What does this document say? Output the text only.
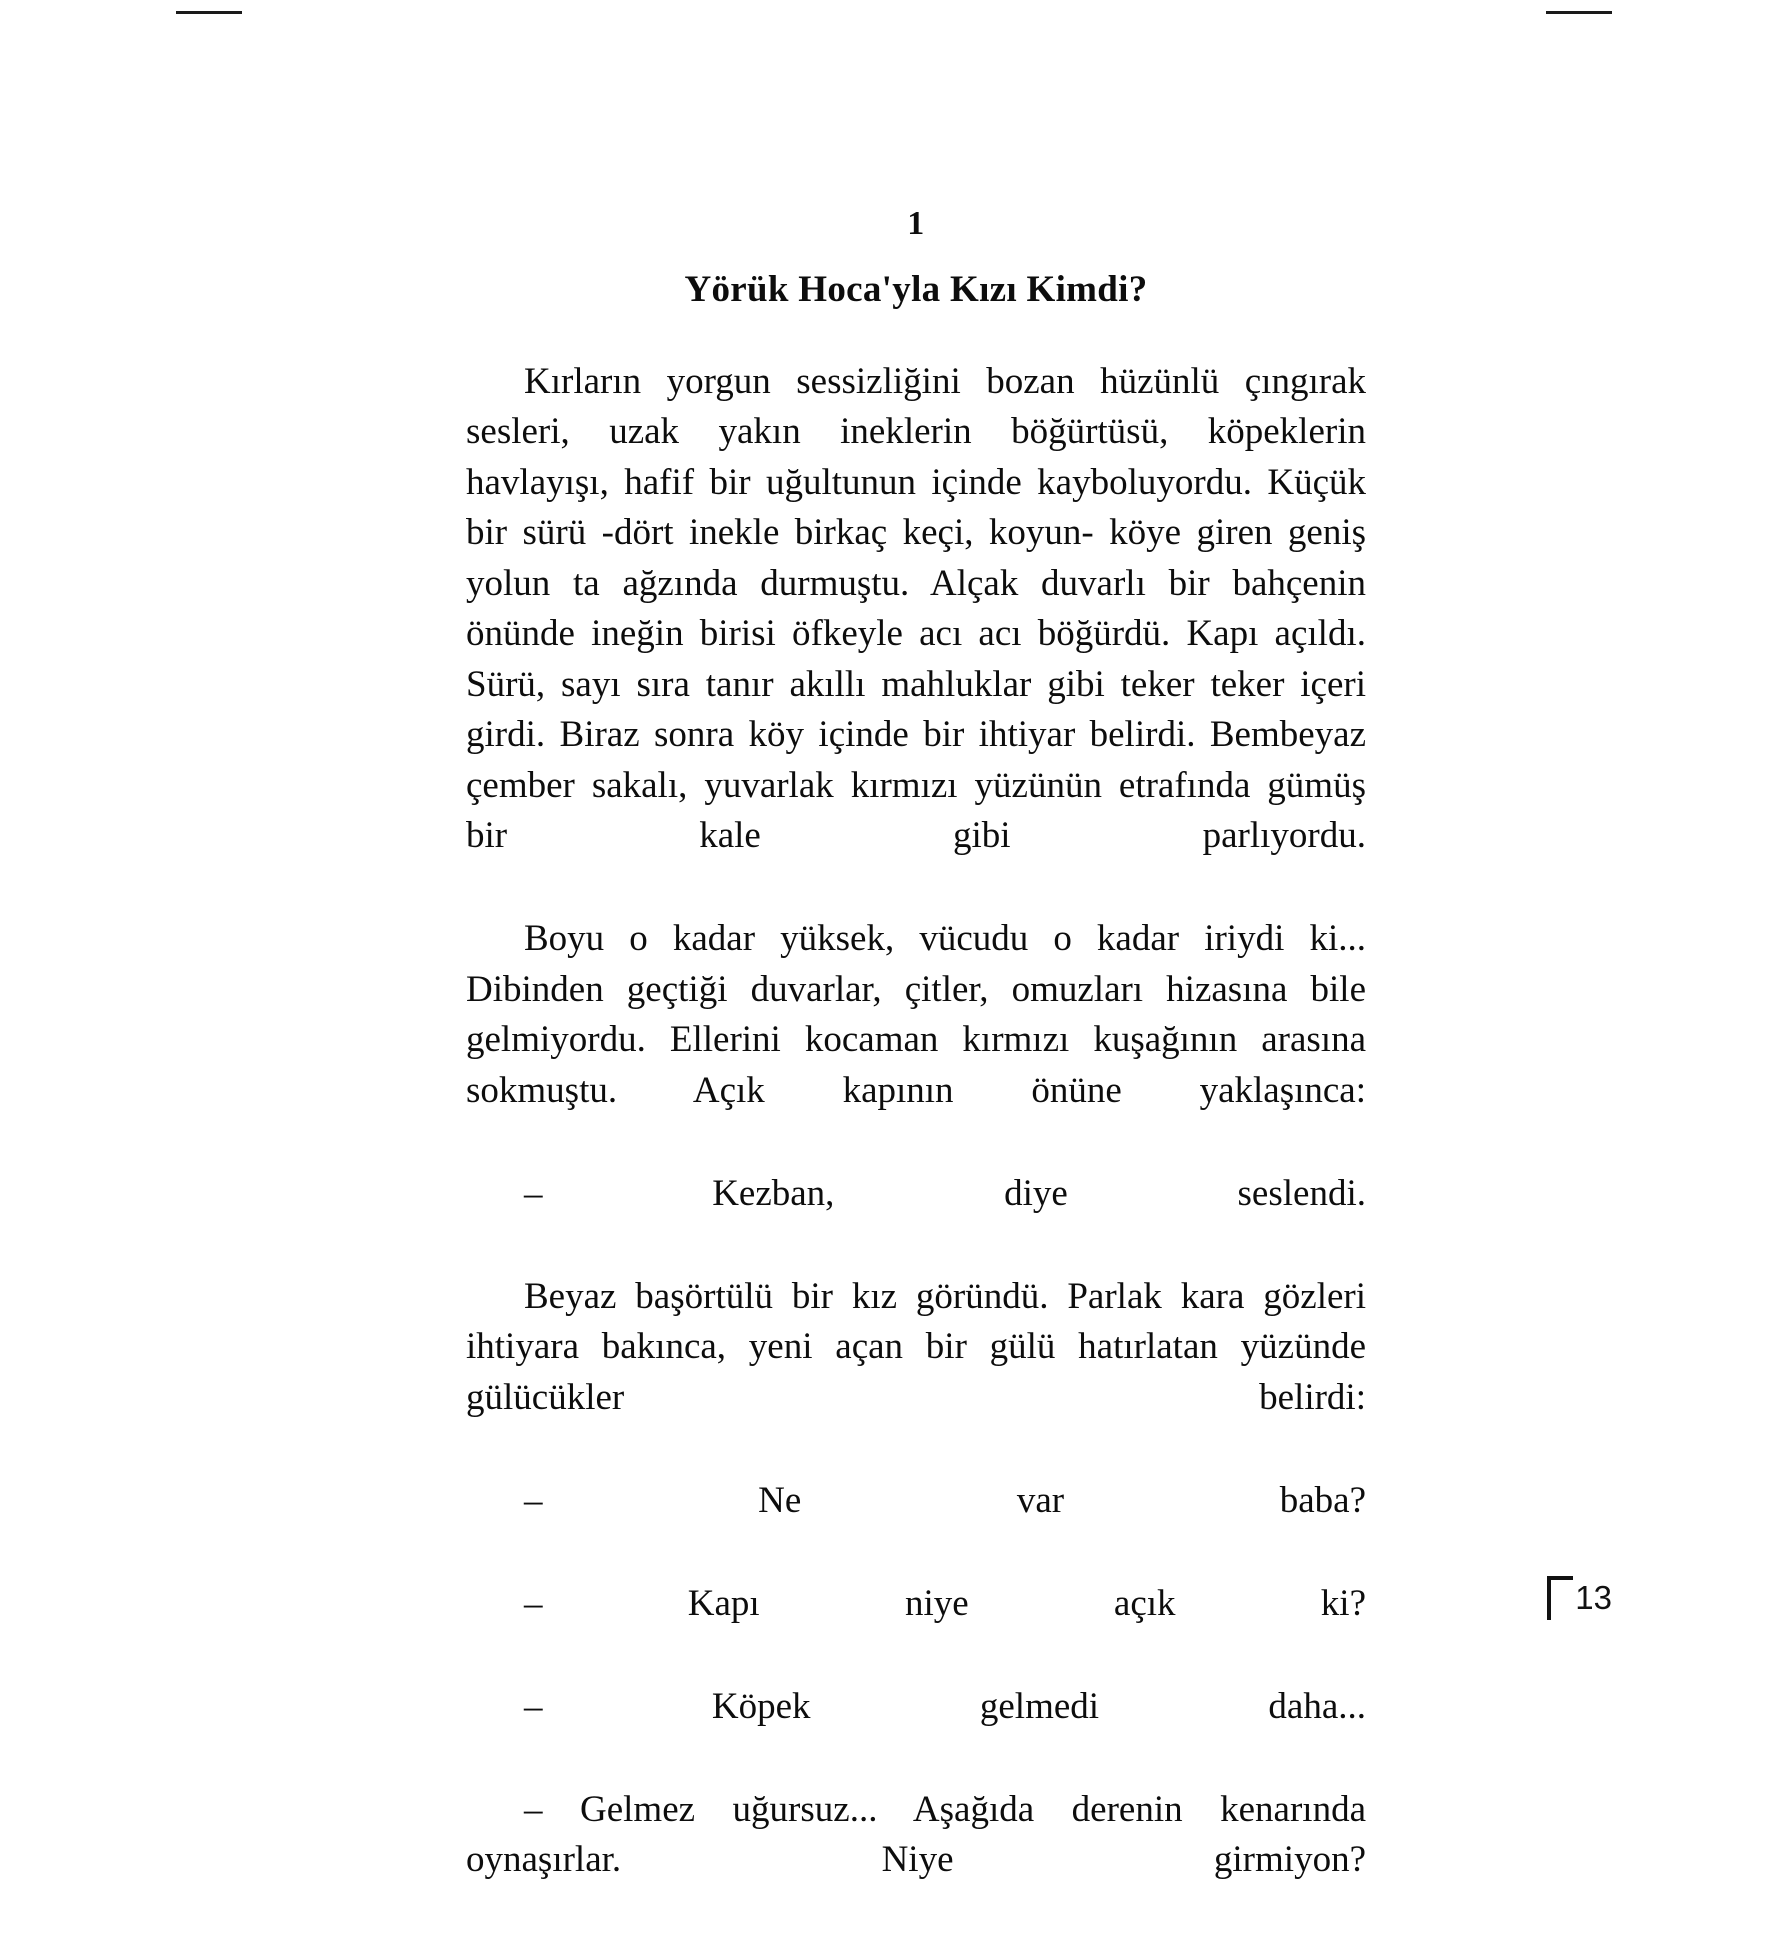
1
Yörük Hoca'yla Kızı Kimdi?

Kırların yorgun sessizliğini bozan hüzünlü çıngırak sesleri, uzak yakın ineklerin böğürtüsü, köpeklerin havlayışı, hafif bir uğultunun içinde kayboluyordu. Küçük bir sürü -dört inekle birkaç keçi, koyun- köye giren geniş yolun ta ağzında durmuştu. Alçak duvarlı bir bahçenin önünde ineğin birisi öfkeyle acı acı böğürdü. Kapı açıldı. Sürü, sayı sıra tanır akıllı mahluklar gibi teker teker içeri girdi. Biraz sonra köy içinde bir ihtiyar belirdi. Bembeyaz çember sakalı, yuvarlak kırmızı yüzünün etrafında gümüş bir kale gibi parlıyordu.

Boyu o kadar yüksek, vücudu o kadar iriydi ki... Dibinden geçtiği duvarlar, çitler, omuzları hizasına bile gelmiyordu. Ellerini kocaman kırmızı kuşağının arasına sokmuştu. Açık kapının önüne yaklaşınca:

– Kezban, diye seslendi.

Beyaz başörtülü bir kız göründü. Parlak kara gözleri ihtiyara bakınca, yeni açan bir gülü hatırlatan yüzünde gülücükler belirdi:

– Ne var baba?

– Kapı niye açık ki?

– Köpek gelmedi daha...

– Gelmez uğursuz... Aşağıda derenin kenarında oynaşırlar. Niye girmiyon?

13
